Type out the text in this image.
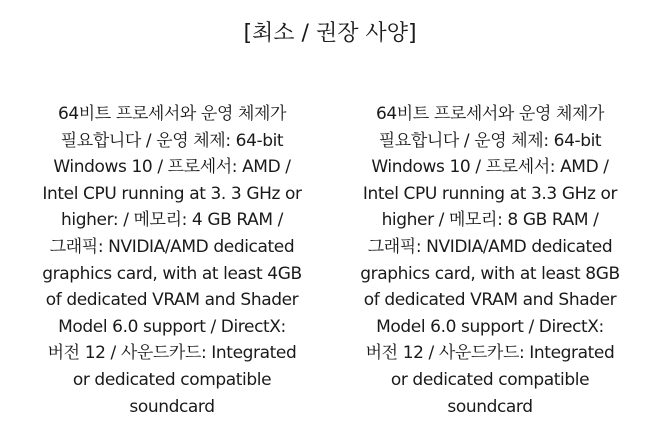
[최소 / 권장 사양]
64비트 프로세서와 운영 체제가
필요합니다 / 운영 체제: 64-bit
Windows 10 / 프로세서: AMD /
Intel CPU running at 3. 3 GHz or
higher: / 메모리: 4 GB RAM /
그래픽: NVIDIA/AMD dedicated
graphics card, with at least 4GB
of dedicated VRAM and Shader
Model 6.0 support / DirectX:
버전 12 / 사운드카드: Integrated
or dedicated compatible
soundcard
64비트 프로세서와 운영 체제가
필요합니다 / 운영 체제: 64-bit
Windows 10 / 프로세서: AMD /
Intel CPU running at 3.3 GHz or
higher / 메모리: 8 GB RAM /
그래픽: NVIDIA/AMD dedicated
graphics card, with at least 8GB
of dedicated VRAM and Shader
Model 6.0 support / DirectX:
버전 12 / 사운드카드: Integrated
or dedicated compatible
soundcard
